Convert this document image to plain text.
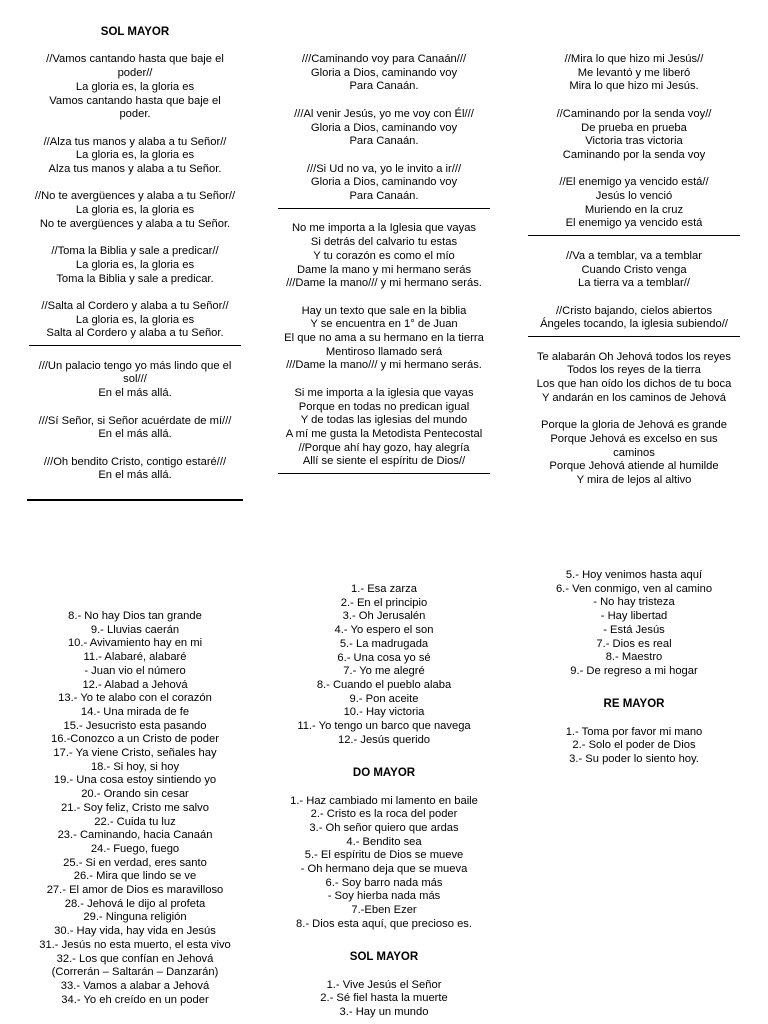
SOL MAYOR

//Vamos cantando hasta que baje el

poder//

La gloria es, la gloria es

Vamos cantando hasta que baje el

poder.

//Alza tus manos y alaba a tu Señor//

La gloria es, la gloria es

Alza tus manos y alaba a tu Señor.

//No te avergüences y alaba a tu Señor//

La gloria es, la gloria es

No te avergüences y alaba a tu Señor.

//Toma la Biblia y sale a predicar//

La gloria es, la gloria es

Toma la Biblia y sale a predicar.

//Salta al Cordero y alaba a tu Señor//

La gloria es, la gloria es

Salta al Cordero y alaba a tu Señor.

///Un palacio tengo yo más lindo que el

sol///

En el más allá.

///Sí Señor, si Señor acuérdate de mí///

En el más allá.

///Oh bendito Cristo, contigo estaré///

En el más allá.

///Caminando voy para Canaán///

Gloria a Dios, caminando voy

Para Canaán.

///Al venir Jesús, yo me voy con Él///

Gloria a Dios, caminando voy

Para Canaán.

///Si Ud no va, yo le invito a ir///

Gloria a Dios, caminando voy

Para Canaán.

No me importa a la Iglesia que vayas

Si detrás del calvario tu estas

Y tu corazón es como el mío

Dame la mano y mi hermano serás

///Dame la mano/// y mi hermano serás.

Hay un texto que sale en la biblia

Y se encuentra en 1° de Juan

El que no ama a su hermano en la tierra

Mentiroso llamado será

///Dame la mano/// y mi hermano serás.

Si me importa a la iglesia que vayas

Porque en todas no predican igual

Y de todas las iglesias del mundo

A mí me gusta la Metodista Pentecostal

//Porque ahí hay gozo, hay alegría

Allí se siente el espíritu de Dios//

//Mira lo que hizo mi Jesús//

Me levantó y me liberó

Mira lo que hizo mi Jesús.

//Caminando por la senda voy//

De prueba en prueba

Victoria tras victoria

Caminando por la senda voy

//El enemigo ya vencido está//

Jesús lo venció

Muriendo en la cruz

El enemigo ya vencido está

//Va a temblar, va a temblar

Cuando Cristo venga

La tierra va a temblar//

//Cristo bajando, cielos abiertos

Ángeles tocando, la iglesia subiendo//

Te alabarán Oh Jehová todos los reyes

Todos los reyes de la tierra

Los que han oído los dichos de tu boca

Y andarán en los caminos de Jehová

Porque la gloria de Jehová es grande

Porque Jehová es excelso en sus

caminos

Porque Jehová atiende al humilde

Y mira de lejos al altivo

8.- No hay Dios tan grande

9.- Lluvias caerán

10.- Avivamiento hay en mi

11.- Alabaré, alabaré

- Juan vio el número

12.- Alabad a Jehová

13.- Yo te alabo con el corazón

14.- Una mirada de fe

15.- Jesucristo esta pasando

16.-Conozco a un Cristo de poder

17.- Ya viene Cristo, señales hay

18.- Si hoy, si hoy

19.- Una cosa estoy sintiendo yo

20.- Orando sin cesar

21.- Soy feliz, Cristo me salvo

22.- Cuida tu luz

23.- Caminando, hacia Canaán

24.- Fuego, fuego

25.- Si en verdad, eres santo

26.- Mira que lindo se ve

27.- El amor de Dios es maravilloso

28.- Jehová le dijo al profeta

29.- Ninguna religión

30.- Hay vida, hay vida en Jesús

31.- Jesús no esta muerto, el esta vivo

32.- Los que confían en Jehová

(Correrán – Saltarán – Danzarán)

33.- Vamos a alabar a Jehová

34.- Yo eh creído en un poder

1.- Esa zarza

2.- En el principio

3.- Oh Jerusalén

4.- Yo espero el son

5.- La madrugada

6.- Una cosa yo sé

7.- Yo me alegré

8.- Cuando el pueblo alaba

9.- Pon aceite

10.- Hay victoria

11.- Yo tengo un barco que navega

12.- Jesús querido

DO MAYOR

1.- Haz cambiado mi lamento en baile

2.- Cristo es la roca del poder

3.- Oh señor quiero que ardas

4.- Bendito sea

5.- El espíritu de Dios se mueve

- Oh hermano deja que se mueva

6.- Soy barro nada más

- Soy hierba nada más

7.-Eben Ezer

8.- Dios esta aquí, que precioso es.

SOL MAYOR

1.- Vive Jesús el Señor

2.- Sé fiel hasta la muerte

3.- Hay un mundo

5.- Hoy venimos hasta aquí

6.- Ven conmigo, ven al camino

- No hay tristeza

- Hay libertad

- Está Jesús

7.- Dios es real

8.- Maestro

9.- De regreso a mi hogar

RE MAYOR

1.- Toma por favor mi mano

2.- Solo el poder de Dios

3.- Su poder lo siento hoy.
